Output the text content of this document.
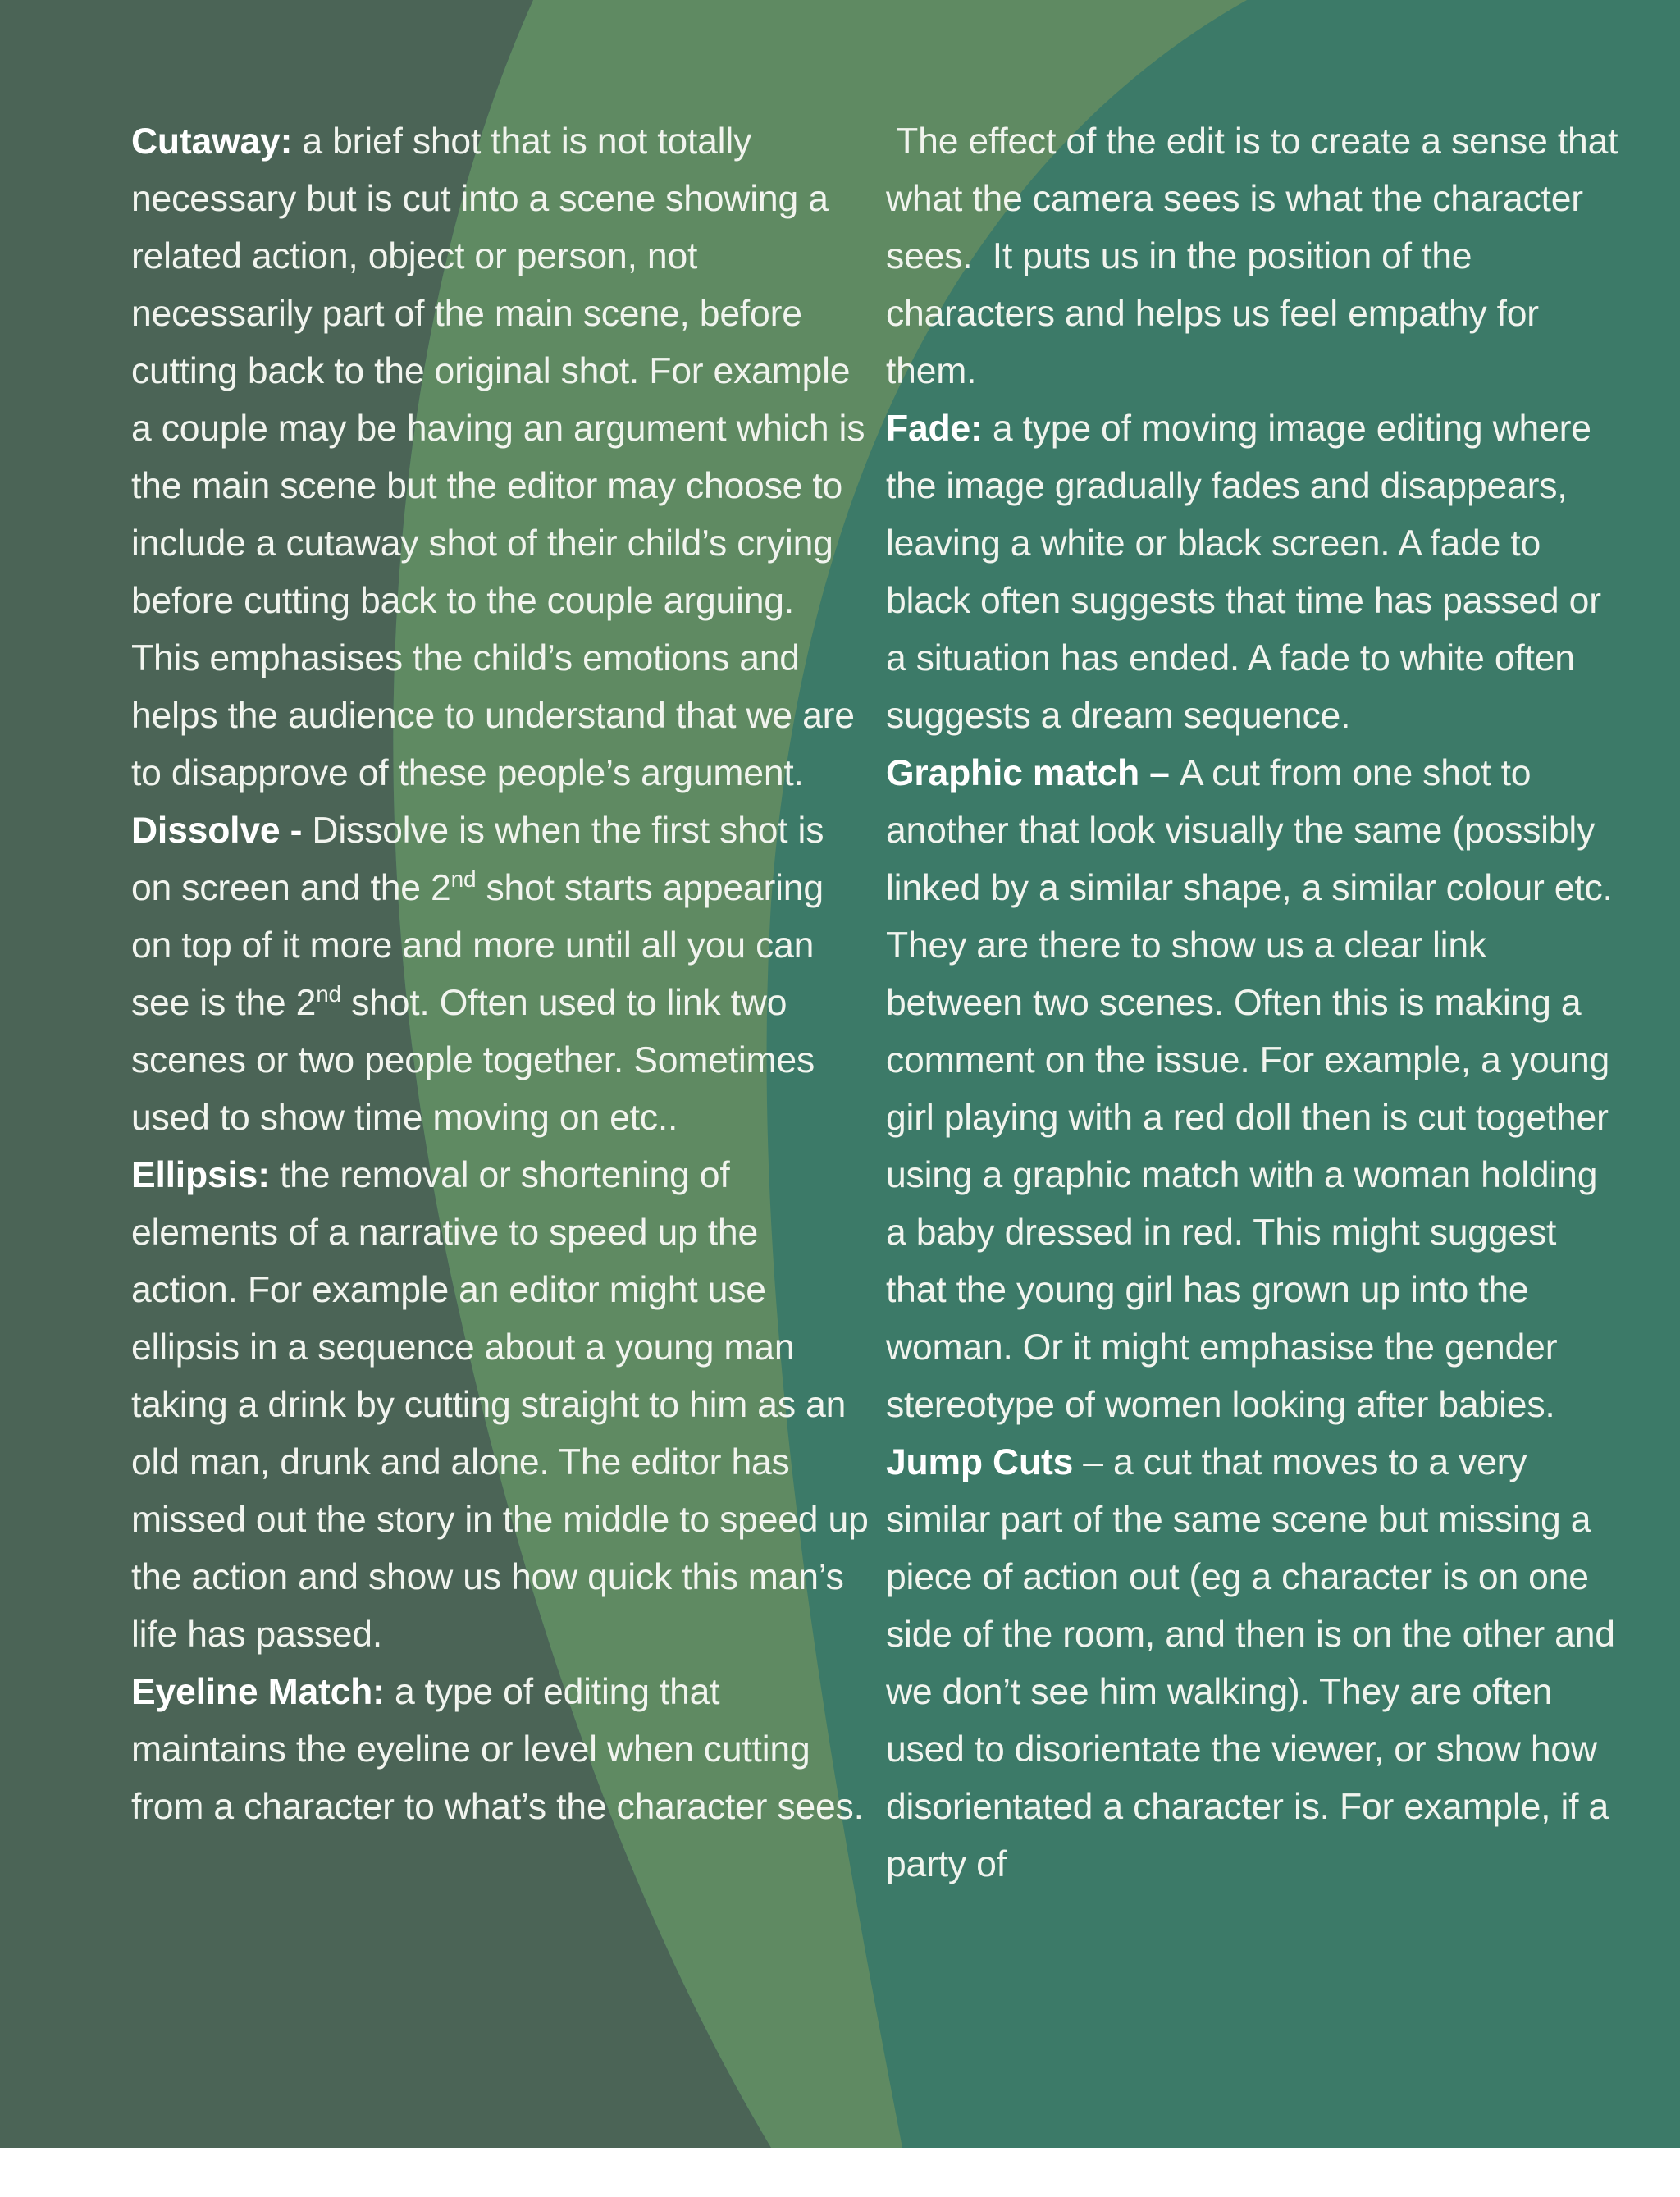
Cutaway: a brief shot that is not totally necessary but is cut into a scene showing a related action, object or person, not necessarily part of the main scene, before cutting back to the original shot. For example a couple may be having an argument which is the main scene but the editor may choose to include a cutaway shot of their child’s crying before cutting back to the couple arguing. This emphasises the child’s emotions and helps the audience to understand that we are to disapprove of these people’s argument.

Dissolve - Dissolve is when the first shot is on screen and the 2nd shot starts appearing on top of it more and more until all you can see is the 2nd shot. Often used to link two scenes or two people together. Sometimes used to show time moving on etc..

Ellipsis: the removal or shortening of elements of a narrative to speed up the action. For example an editor might use ellipsis in a sequence about a young man taking a drink by cutting straight to him as an old man, drunk and alone. The editor has missed out the story in the middle to speed up the action and show us how quick this man’s life has passed.

Eyeline Match: a type of editing that maintains the eyeline or level when cutting from a character to what’s the character sees.

The effect of the edit is to create a sense that what the camera sees is what the character sees.  It puts us in the position of the characters and helps us feel empathy for them.

Fade: a type of moving image editing where the image gradually fades and disappears, leaving a white or black screen. A fade to black often suggests that time has passed or a situation has ended. A fade to white often suggests a dream sequence.

Graphic match – A cut from one shot to another that look visually the same (possibly linked by a similar shape, a similar colour etc. They are there to show us a clear link between two scenes. Often this is making a comment on the issue. For example, a young girl playing with a red doll then is cut together using a graphic match with a woman holding a baby dressed in red. This might suggest that the young girl has grown up into the woman. Or it might emphasise the gender stereotype of women looking after babies.

Jump Cuts – a cut that moves to a very similar part of the same scene but missing a piece of action out (eg a character is on one side of the room, and then is on the other and we don’t see him walking). They are often used to disorientate the viewer, or show how disorientated a character is. For example, if a party of
